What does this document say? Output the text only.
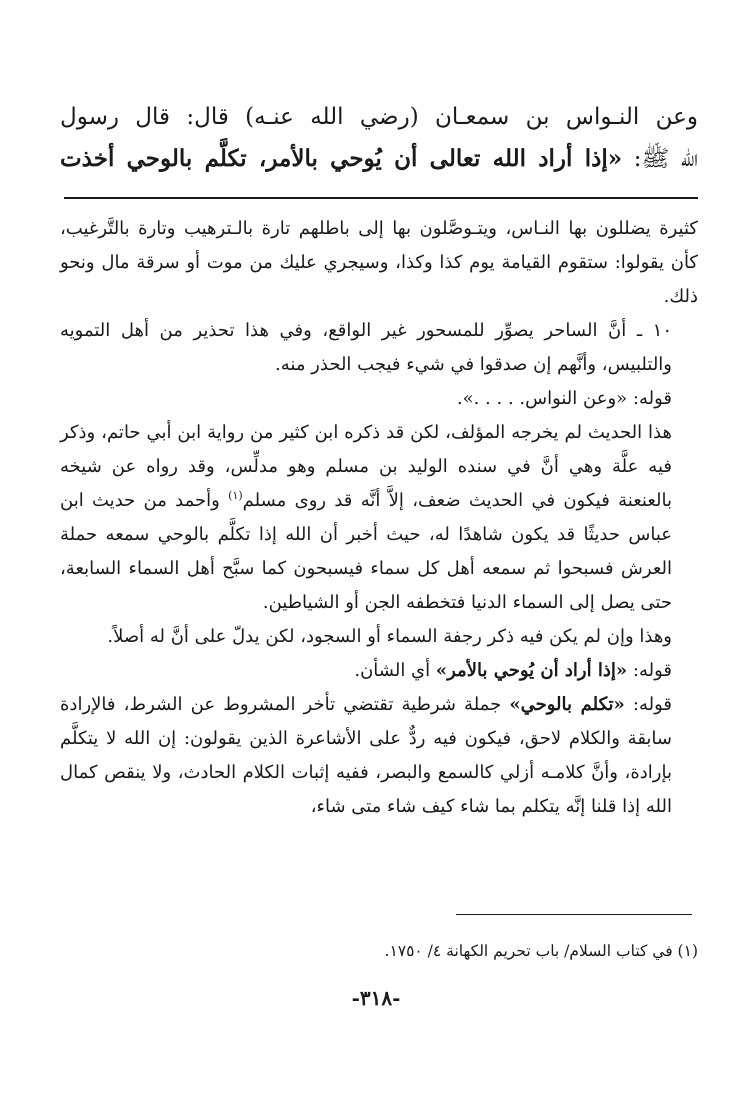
وعن النـواس بن سمعـان (رضي الله عنـه) قال: قال رسول
الله ﷺ: «إذا أراد الله تعالى أن يُوحي بالأمر، تكلَّم بالوحي أخذت

كثيرة يضللون بها النـاس، ويتـوصَّلون بها إلى باطلهم تارة بالـترهيب وتارة بالتَّرغيب، كأن يقولوا: ستقوم القيامة يوم كذا وكذا، وسيجري عليك من موت أو سرقة مال ونحو ذلك.

١٠ ـ أنَّ الساحر يصوِّر للمسحور غير الواقع، وفي هذا تحذير من أهل التمويه والتلبيس، وأنَّهم إن صدقوا في شيء فيجب الحذر منه.

قوله: «وعن النواس. . . . .».

هذا الحديث لم يخرجه المؤلف، لكن قد ذكره ابن كثير من رواية ابن أبي حاتم، وذكر فيه علَّة وهي أنَّ في سنده الوليد بن مسلم وهو مدلِّس، وقد رواه عن شيخه بالعنعنة فيكون في الحديث ضعف، إلاَّ أنَّه قد روى مسلم$^{(١)}$ وأحمد من حديث ابن عباس حديثًا قد يكون شاهدًا له، حيث أخبر أن الله إذا تكلَّم بالوحي سمعه حملة العرش فسبحوا ثم سمعه أهل كل سماء فيسبحون كما سبَّح أهل السماء السابعة، حتى يصل إلى السماء الدنيا فتخطفه الجن أو الشياطين.

وهذا وإن لم يكن فيه ذكر رجفة السماء أو السجود، لكن يدلّ على أنَّ له أصلاً.

قوله: «إذا أراد أن يُوحي بالأمر» أي الشأن.

قوله: «تكلم بالوحي» جملة شرطية تقتضي تأخر المشروط عن الشرط، فالإرادة سابقة والكلام لاحق، فيكون فيه ردٌّ على الأشاعرة الذين يقولون: إن الله لا يتكلَّم بإرادة، وأنَّ كلامـه أزلي كالسمع والبصر، ففيه إثبات الكلام الحادث، ولا ينقص كمال الله إذا قلنا إنَّه يتكلم بما شاء كيف شاء متى شاء،

(١) في كتاب السلام/ باب تحريم الكهانة ٤/ ١٧٥٠.
-٣١٨-
